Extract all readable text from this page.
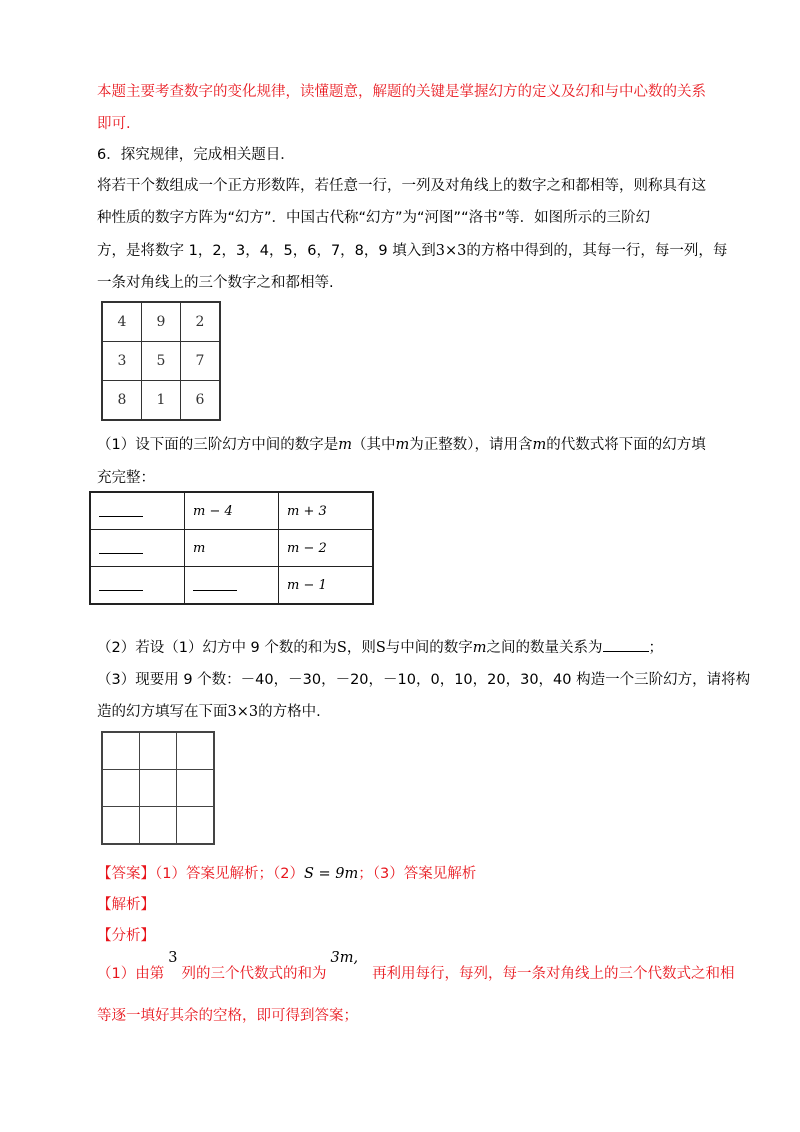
本题主要考查数字的变化规律，读懂题意，解题的关键是掌握幻方的定义及幻和与中心数的关系
即可.
6．探究规律，完成相关题目．
将若干个数组成一个正方形数阵，若任意一行，一列及对角线上的数字之和都相等，则称具有这
种性质的数字方阵为“幻方”．中国古代称“幻方”为“河图”“洛书”等．如图所示的三阶幻
方，是将数字 1，2，3，4，5，6，7，8，9 填入到3×3的方格中得到的，其每一行，每一列，每
一条对角线上的三个数字之和都相等.
4	9	2
3	5	7
8	1	6
（1）设下面的三阶幻方中间的数字是m（其中m为正整数），请用含m的代数式将下面的幻方填
充完整：

	m − 4	m + 3

	m	m − 2

		m − 1
（2）若设（1）幻方中 9 个数的和为S，则S与中间的数字m之间的数量关系为	；
（3）现要用 9 个数：－40，－30，－20，－10，0，10，20，30，40 构造一个三阶幻方，请将构
造的幻方填写在下面3×3的方格中.

【答案】（1）答案见解析；（2）S = 9m；（3）答案见解析
【解析】
【分析】
（1）由第3列的三个代数式的和为3m,再利用每行，每列，每一条对角线上的三个代数式之和相
等逐一填好其余的空格，即可得到答案；
